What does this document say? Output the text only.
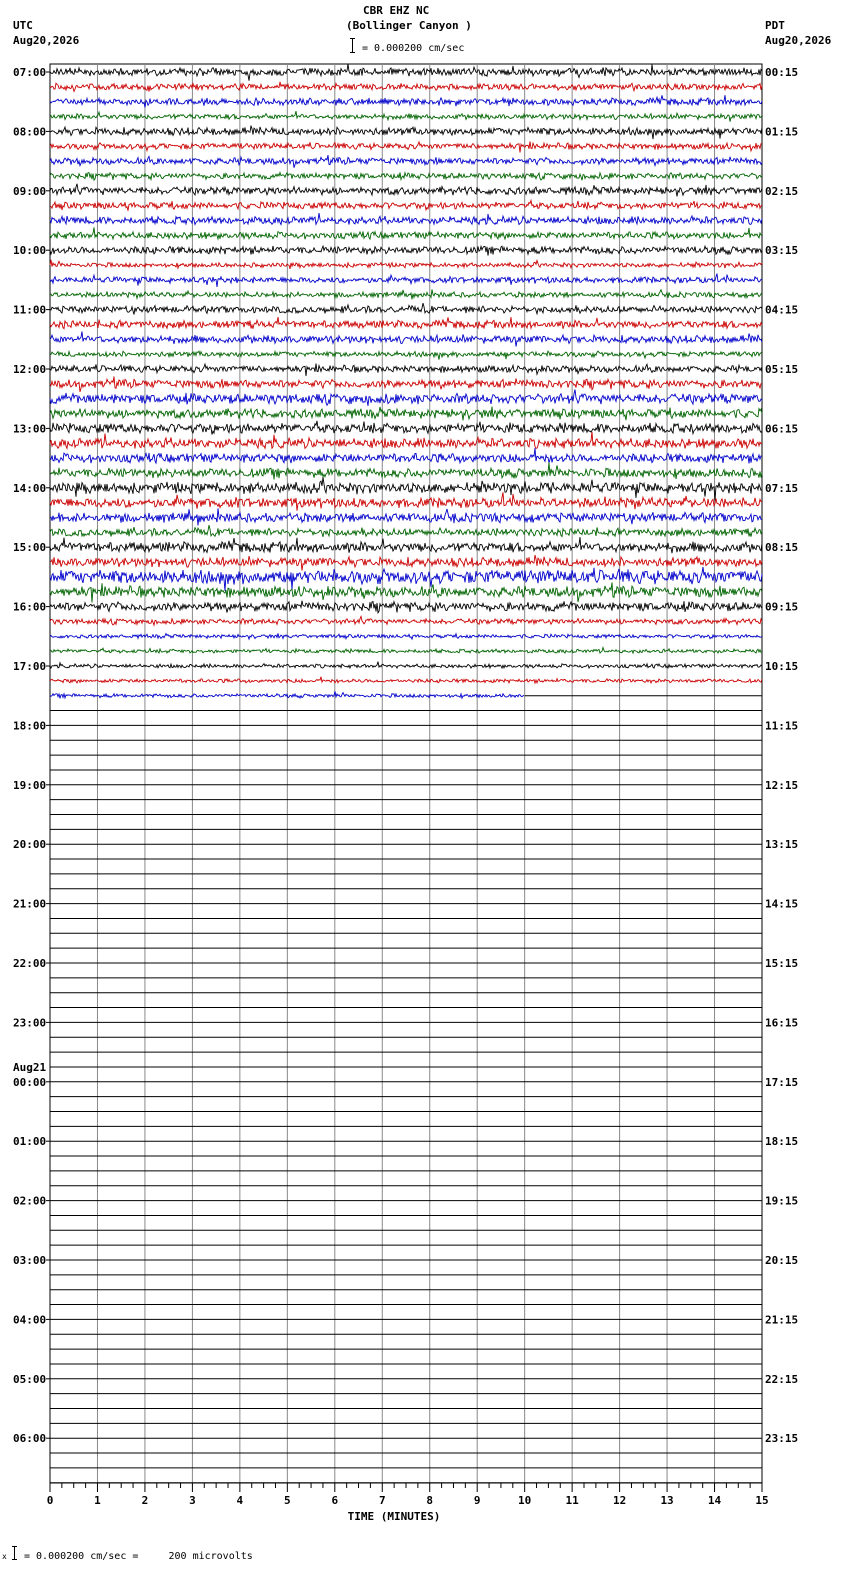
CBR EHZ NC
(Bollinger Canyon )
= 0.000200 cm/sec
UTC
Aug20,2026
PDT
Aug20,2026
07:00	00:15
08:00	01:15
09:00	02:15
10:00	03:15
11:00	04:15
12:00	05:15
13:00	06:15
14:00	07:15
15:00	08:15
16:00	09:15
17:00	10:15
18:00	11:15
19:00	12:15
20:00	13:15
21:00	14:15
22:00	15:15
23:00	16:15
00:00	17:15
01:00	18:15
02:00	19:15
03:00	20:15
04:00	21:15
05:00	22:15
06:00	23:15
Aug21
0	1	2	3	4	5	6	7	8	9	10	11	12	13	14	15
TIME (MINUTES)
x = 0.000200 cm/sec =     200 microvolts
